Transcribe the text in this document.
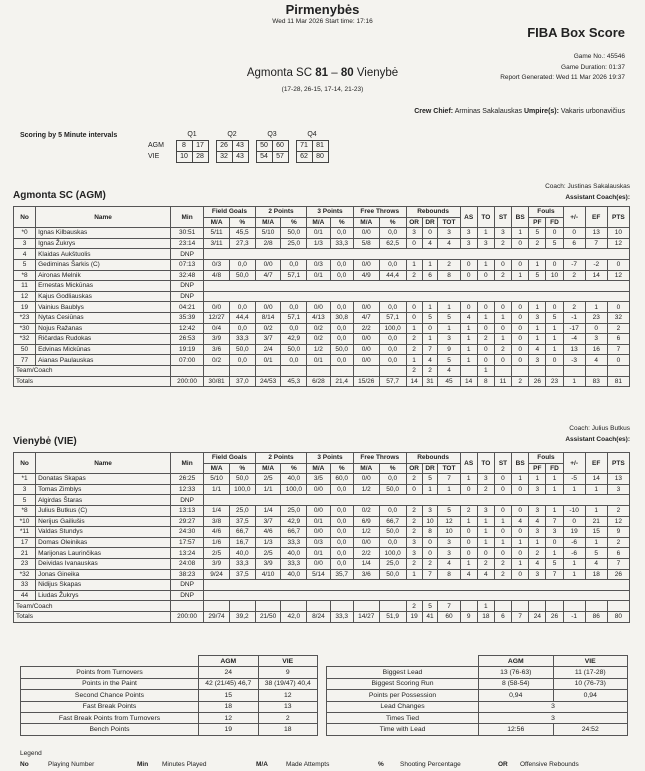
Pirmenybės
FIBA Box Score
Wed 11 Mar 2026 Start time: 17:16
Game No.: 45546
Game Duration: 01:37
Report Generated: Wed 11 Mar 2026 19:37
Agmonta SC 81 – 80 Vienybė
(17-28, 26-15, 17-14, 21-23)
Crew Chief: Arminas Sakalauskas Umpire(s): Vakaris urbonavičius
Scoring by 5 Minute intervals
		Q1			Q2			Q3			Q4	
AGM	8	17		26	43		50	60		71	81
VIE	10	28		32	43		54	57		62	80
Agmonta SC (AGM)
Coach: Justinas Sakalauskas
Assistant Coach(es):
No	Name	Min	Field Goals		2 Points		3 Points		Free Throws		Rebounds			AS	TO	ST	BS	Fouls		+/-	EF	PTS
			M/A	%	M/A	%	M/A	%	M/A	%	OR	DR	TOT					PF	FD			
*0	Ignas Kilbauskas	30:51	5/11	45,5	5/10	50,0	0/1	0,0	0/0	0,0	3	0	3	3	1	3	1	5	0	0	13	10
3	Ignas Žukrys	23:14	3/11	27,3	2/8	25,0	1/3	33,3	5/8	62,5	0	4	4	3	3	2	0	2	5	6	7	12
4	Klaidas Aukštuolis	DNP																				
5	Gediminas Šarkis (C)	07:13	0/3	0,0	0/0	0,0	0/3	0,0	0/0	0,0	1	1	2	0	1	0	0	1	0	-7	-2	0
*8	Aironas Melnik	32:48	4/8	50,0	4/7	57,1	0/1	0,0	4/9	44,4	2	6	8	0	0	2	1	5	10	2	14	12
11	Ernestas Mickūnas	DNP																				
12	Kajus Godliauskas	DNP																				
19	Vainius Baublys	04:21	0/0	0,0	0/0	0,0	0/0	0,0	0/0	0,0	0	1	1	0	0	0	0	1	0	2	1	0
*23	Nytas Cesiūnas	35:39	12/27	44,4	8/14	57,1	4/13	30,8	4/7	57,1	0	5	5	4	1	1	0	3	5	-1	23	32
*30	Nojus Ražanas	12:42	0/4	0,0	0/2	0,0	0/2	0,0	2/2	100,0	1	0	1	1	0	0	0	1	1	-17	0	2
*32	Ričardas Rudokas	26:53	3/9	33,3	3/7	42,9	0/2	0,0	0/0	0,0	2	1	3	1	2	1	0	1	1	-4	3	6
50	Edvinas Mickūnas	19:19	3/6	50,0	2/4	50,0	1/2	50,0	0/0	0,0	2	7	9	1	0	2	0	4	1	13	16	7
77	Aianas Paulauskas	07:00	0/2	0,0	0/1	0,0	0/1	0,0	0/0	0,0	1	4	5	1	0	0	0	3	0	-3	4	0
Team/Coach											2	2	4		1							
Totals		200:00	30/81	37,0	24/53	45,3	6/28	21,4	15/26	57,7	14	31	45	14	8	11	2	26	23	1	83	81
Vienybė (VIE)
Coach: Julius Butkus
Assistant Coach(es):
No	Name	Min	Field Goals		2 Points		3 Points		Free Throws		Rebounds			AS	TO	ST	BS	Fouls		+/-	EF	PTS
			M/A	%	M/A	%	M/A	%	M/A	%	OR	DR	TOT					PF	FD			
*1	Donatas Skapas	26:25	5/10	50,0	2/5	40,0	3/5	60,0	0/0	0,0	2	5	7	1	3	0	1	1	1	-5	14	13
3	Tomas Zimblys	12:33	1/1	100,0	1/1	100,0	0/0	0,0	1/2	50,0	0	1	1	0	2	0	0	3	1	1	1	3
5	Algirdas Štaras	DNP																				
*8	Julius Butkus (C)	13:13	1/4	25,0	1/4	25,0	0/0	0,0	0/2	0,0	2	3	5	2	3	0	0	3	1	-10	1	2
*10	Nerijus Gailiušis	29:27	3/8	37,5	3/7	42,9	0/1	0,0	6/9	66,7	2	10	12	1	1	1	4	4	7	0	21	12
*11	Valdas Stundys	24:30	4/6	66,7	4/6	66,7	0/0	0,0	1/2	50,0	2	8	10	0	1	0	0	3	3	19	15	9
17	Domas Oleinikas	17:57	1/6	16,7	1/3	33,3	0/3	0,0	0/0	0,0	3	0	3	0	1	1	1	1	0	-6	1	2
21	Marijonas Laurinčikas	13:24	2/5	40,0	2/5	40,0	0/1	0,0	2/2	100,0	3	0	3	0	0	0	0	2	1	-6	5	6
23	Deividas Ivanauskas	24:08	3/9	33,3	3/9	33,3	0/0	0,0	1/4	25,0	2	2	4	1	2	2	1	4	5	1	4	7
*32	Jonas Gineika	38:23	9/24	37,5	4/10	40,0	5/14	35,7	3/6	50,0	1	7	8	4	4	2	0	3	7	1	18	26
33	Nidijus Skapas	DNP																				
44	Liudas Žukrys	DNP																				
Team/Coach											2	5	7		1							
Totals		200:00	29/74	39,2	21/50	42,0	8/24	33,3	14/27	51,9	19	41	60	9	18	6	7	24	26	-1	86	80
	AGM	VIE
Points from Turnovers	24	9
Points in the Paint	42 (21/45) 46,7	38 (19/47) 40,4
Second Chance Points	15	12
Fast Break Points	18	13
Fast Break Points from Turnovers	12	2
Bench Points	19	18
	AGM	VIE
Biggest Lead	13 (76-63)	11 (17-28)
Biggest Scoring Run	8 (58-54)	10 (76-73)
Points per Possession	0,94	0,94
Lead Changes	3	
Times Tied	3	
Time with Lead	12:56	24:52
Legend
No	Playing Number	Min Minutes Played	M/A	Made Attempts	% Shooting Percentage	OR Offensive Rebounds
